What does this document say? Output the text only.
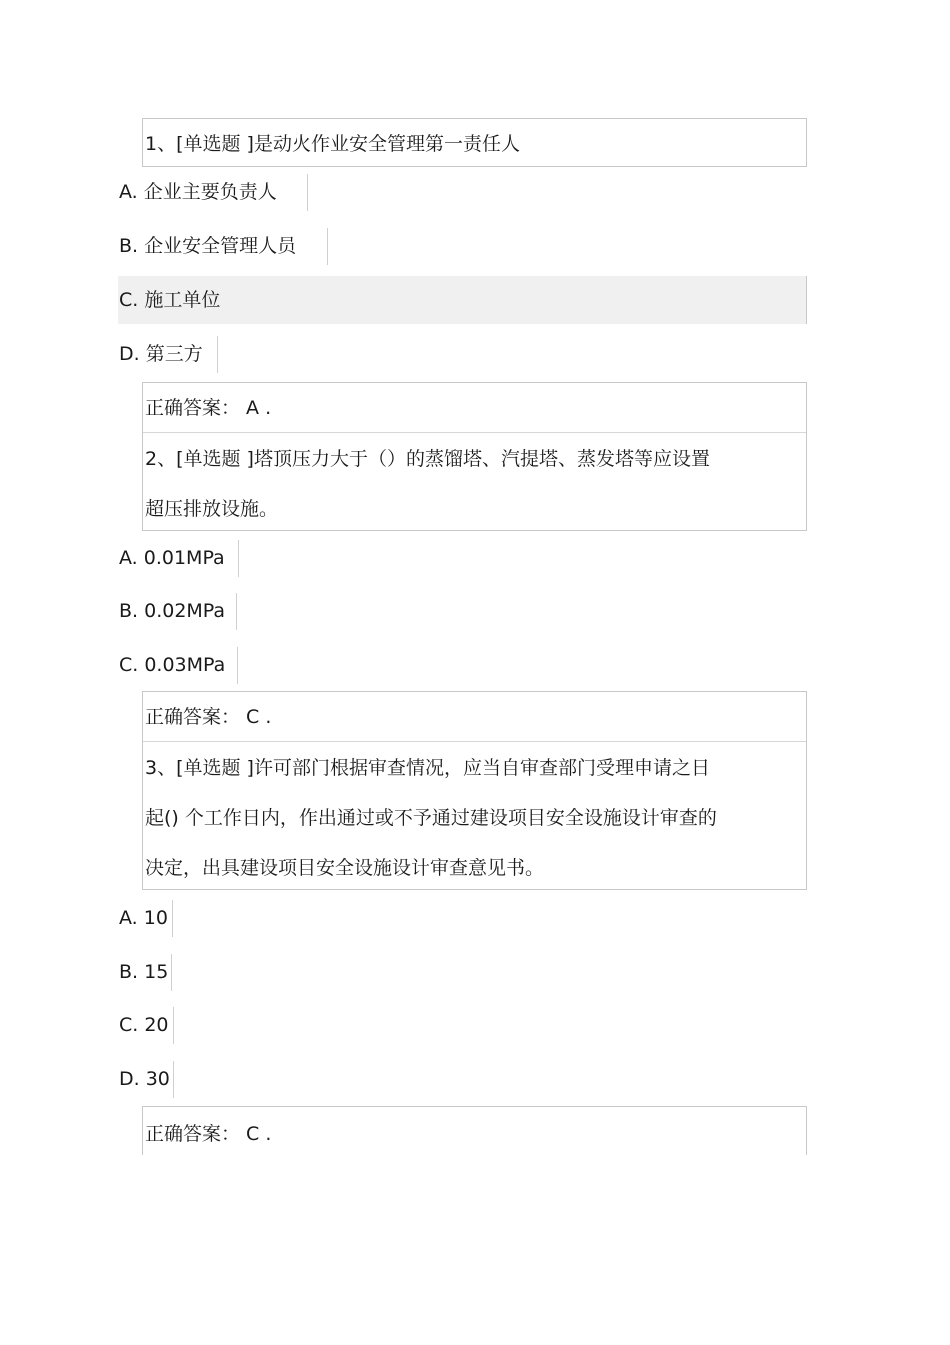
1、[单选题 ]是动火作业安全管理第一责任人
A. 企业主要负责人
B. 企业安全管理人员
C. 施工单位
D. 第三方
正确答案： A .
2、[单选题 ]塔顶压力大于（）的蒸馏塔、汽提塔、蒸发塔等应设置
超压排放设施。
A. 0.01MPa
B. 0.02MPa
C. 0.03MPa
正确答案： C .
3、[单选题 ]许可部门根据审查情况，应当自审查部门受理申请之日
起() 个工作日内，作出通过或不予通过建设项目安全设施设计审查的
决定，出具建设项目安全设施设计审查意见书。
A. 10
B. 15
C. 20
D. 30
正确答案： C .
